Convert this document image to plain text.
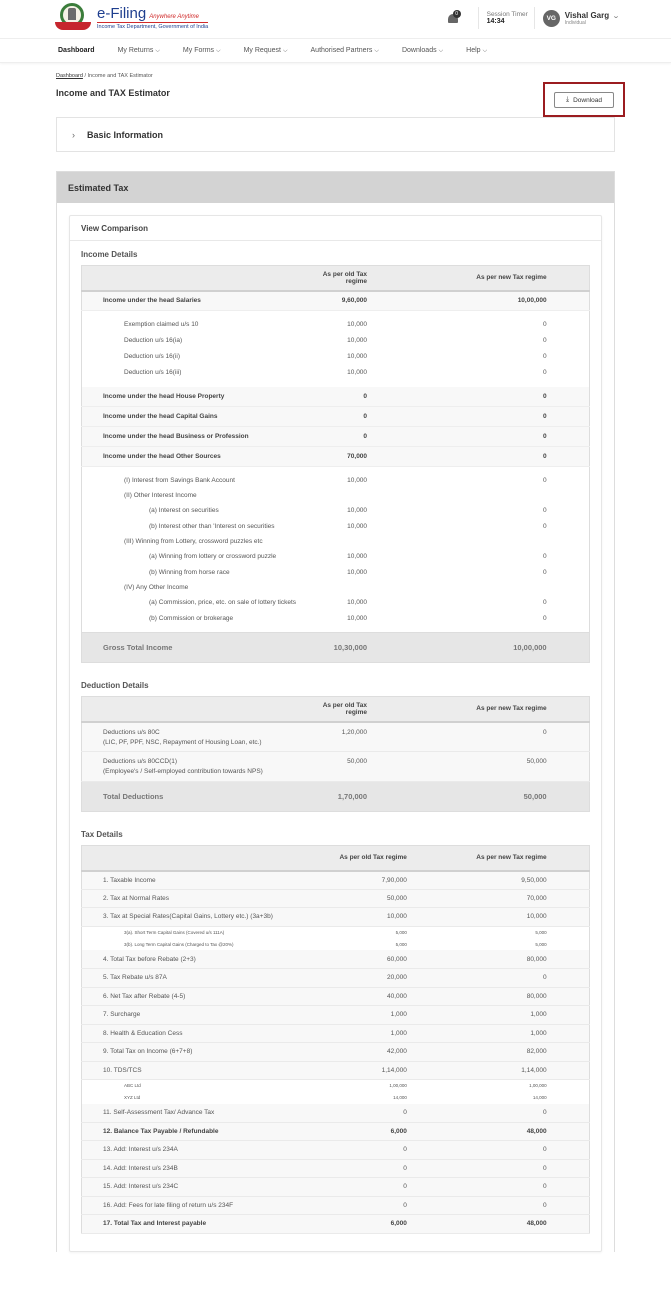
e-Filing Anywhere Anytime
Income Tax Department, Government of India
0	Session Timer
14:34	VG	Vishal Garg ⌄
Individual
Dashboard	My Returns ⌵	My Forms ⌵	My Request ⌵	Authorised Partners ⌵	Downloads ⌵	Help ⌵
Dashboard / Income and TAX Estimator
Income and TAX Estimator
⤓ Download
› Basic Information
Estimated Tax
View Comparison
Income Details
	As per old Tax regime	As per new Tax regime	
Income under the head Salaries	9,60,000	10,00,000	

Exemption claimed u/s 10	10,000	0	
Deduction u/s 16(ia)	10,000	0	
Deduction u/s 16(ii)	10,000	0	
Deduction u/s 16(iii)	10,000	0	

Income under the head House Property	0	0	
Income under the head Capital Gains	0	0	
Income under the head Business or Profession	0	0	
Income under the head Other Sources	70,000	0	

(I) Interest from Savings Bank Account	10,000	0	
(II) Other Interest Income			
(a) Interest on securities	10,000	0	
(b) Interest other than 'Interest on securities	10,000	0	
(III) Winning from Lottery, crossword puzzles etc			
(a) Winning from lottery or crossword puzzle	10,000	0	
(b) Winning from horse race	10,000	0	
(IV) Any Other Income			
(a) Commission, price, etc. on sale of lottery tickets	10,000	0	
(b) Commission or brokerage	10,000	0	

Gross Total Income	10,30,000	10,00,000	
Deduction Details
	As per old Tax regime	As per new Tax regime	

Deductions u/s 80C
(LIC, PF, PPF, NSC, Repayment of Housing Loan, etc.)	1,20,000	0	

Deductions u/s 80CCD(1)
(Employee's / Self-employed contribution towards NPS)	50,000	50,000	
Total Deductions	1,70,000	50,000	
Tax Details
	As per old Tax regime	As per new Tax regime	
1. Taxable Income	7,90,000	9,50,000	
2. Tax at Normal Rates	50,000	70,000	
3. Tax at Special Rates(Capital Gains, Lottery etc.) (3a+3b)	10,000	10,000	
3(a). Short Term Capital Gains (Covered u/s 111A)	5,000	5,000	
3(b). Long Term Capital Gains (Charged to Tax @20%)	5,000	5,000	
4. Total Tax before Rebate (2+3)	60,000	80,000	
5. Tax Rebate u/s 87A	20,000	0	
6. Net Tax after Rebate (4-5)	40,000	80,000	
7. Surcharge	1,000	1,000	
8. Health & Education Cess	1,000	1,000	
9. Total Tax on Income (6+7+8)	42,000	82,000	
10. TDS/TCS	1,14,000	1,14,000	
ABC Ltd	1,00,000	1,00,000	
XYZ Ltd	14,000	14,000	
11. Self-Assessment Tax/ Advance Tax	0	0	
12. Balance Tax Payable / Refundable	6,000	48,000	
13. Add: Interest u/s 234A	0	0	
14. Add: Interest u/s 234B	0	0	
15. Add: Interest u/s 234C	0	0	
16. Add: Fees for late filing of return u/s 234F	0	0	
17. Total Tax and Interest payable	6,000	48,000	
